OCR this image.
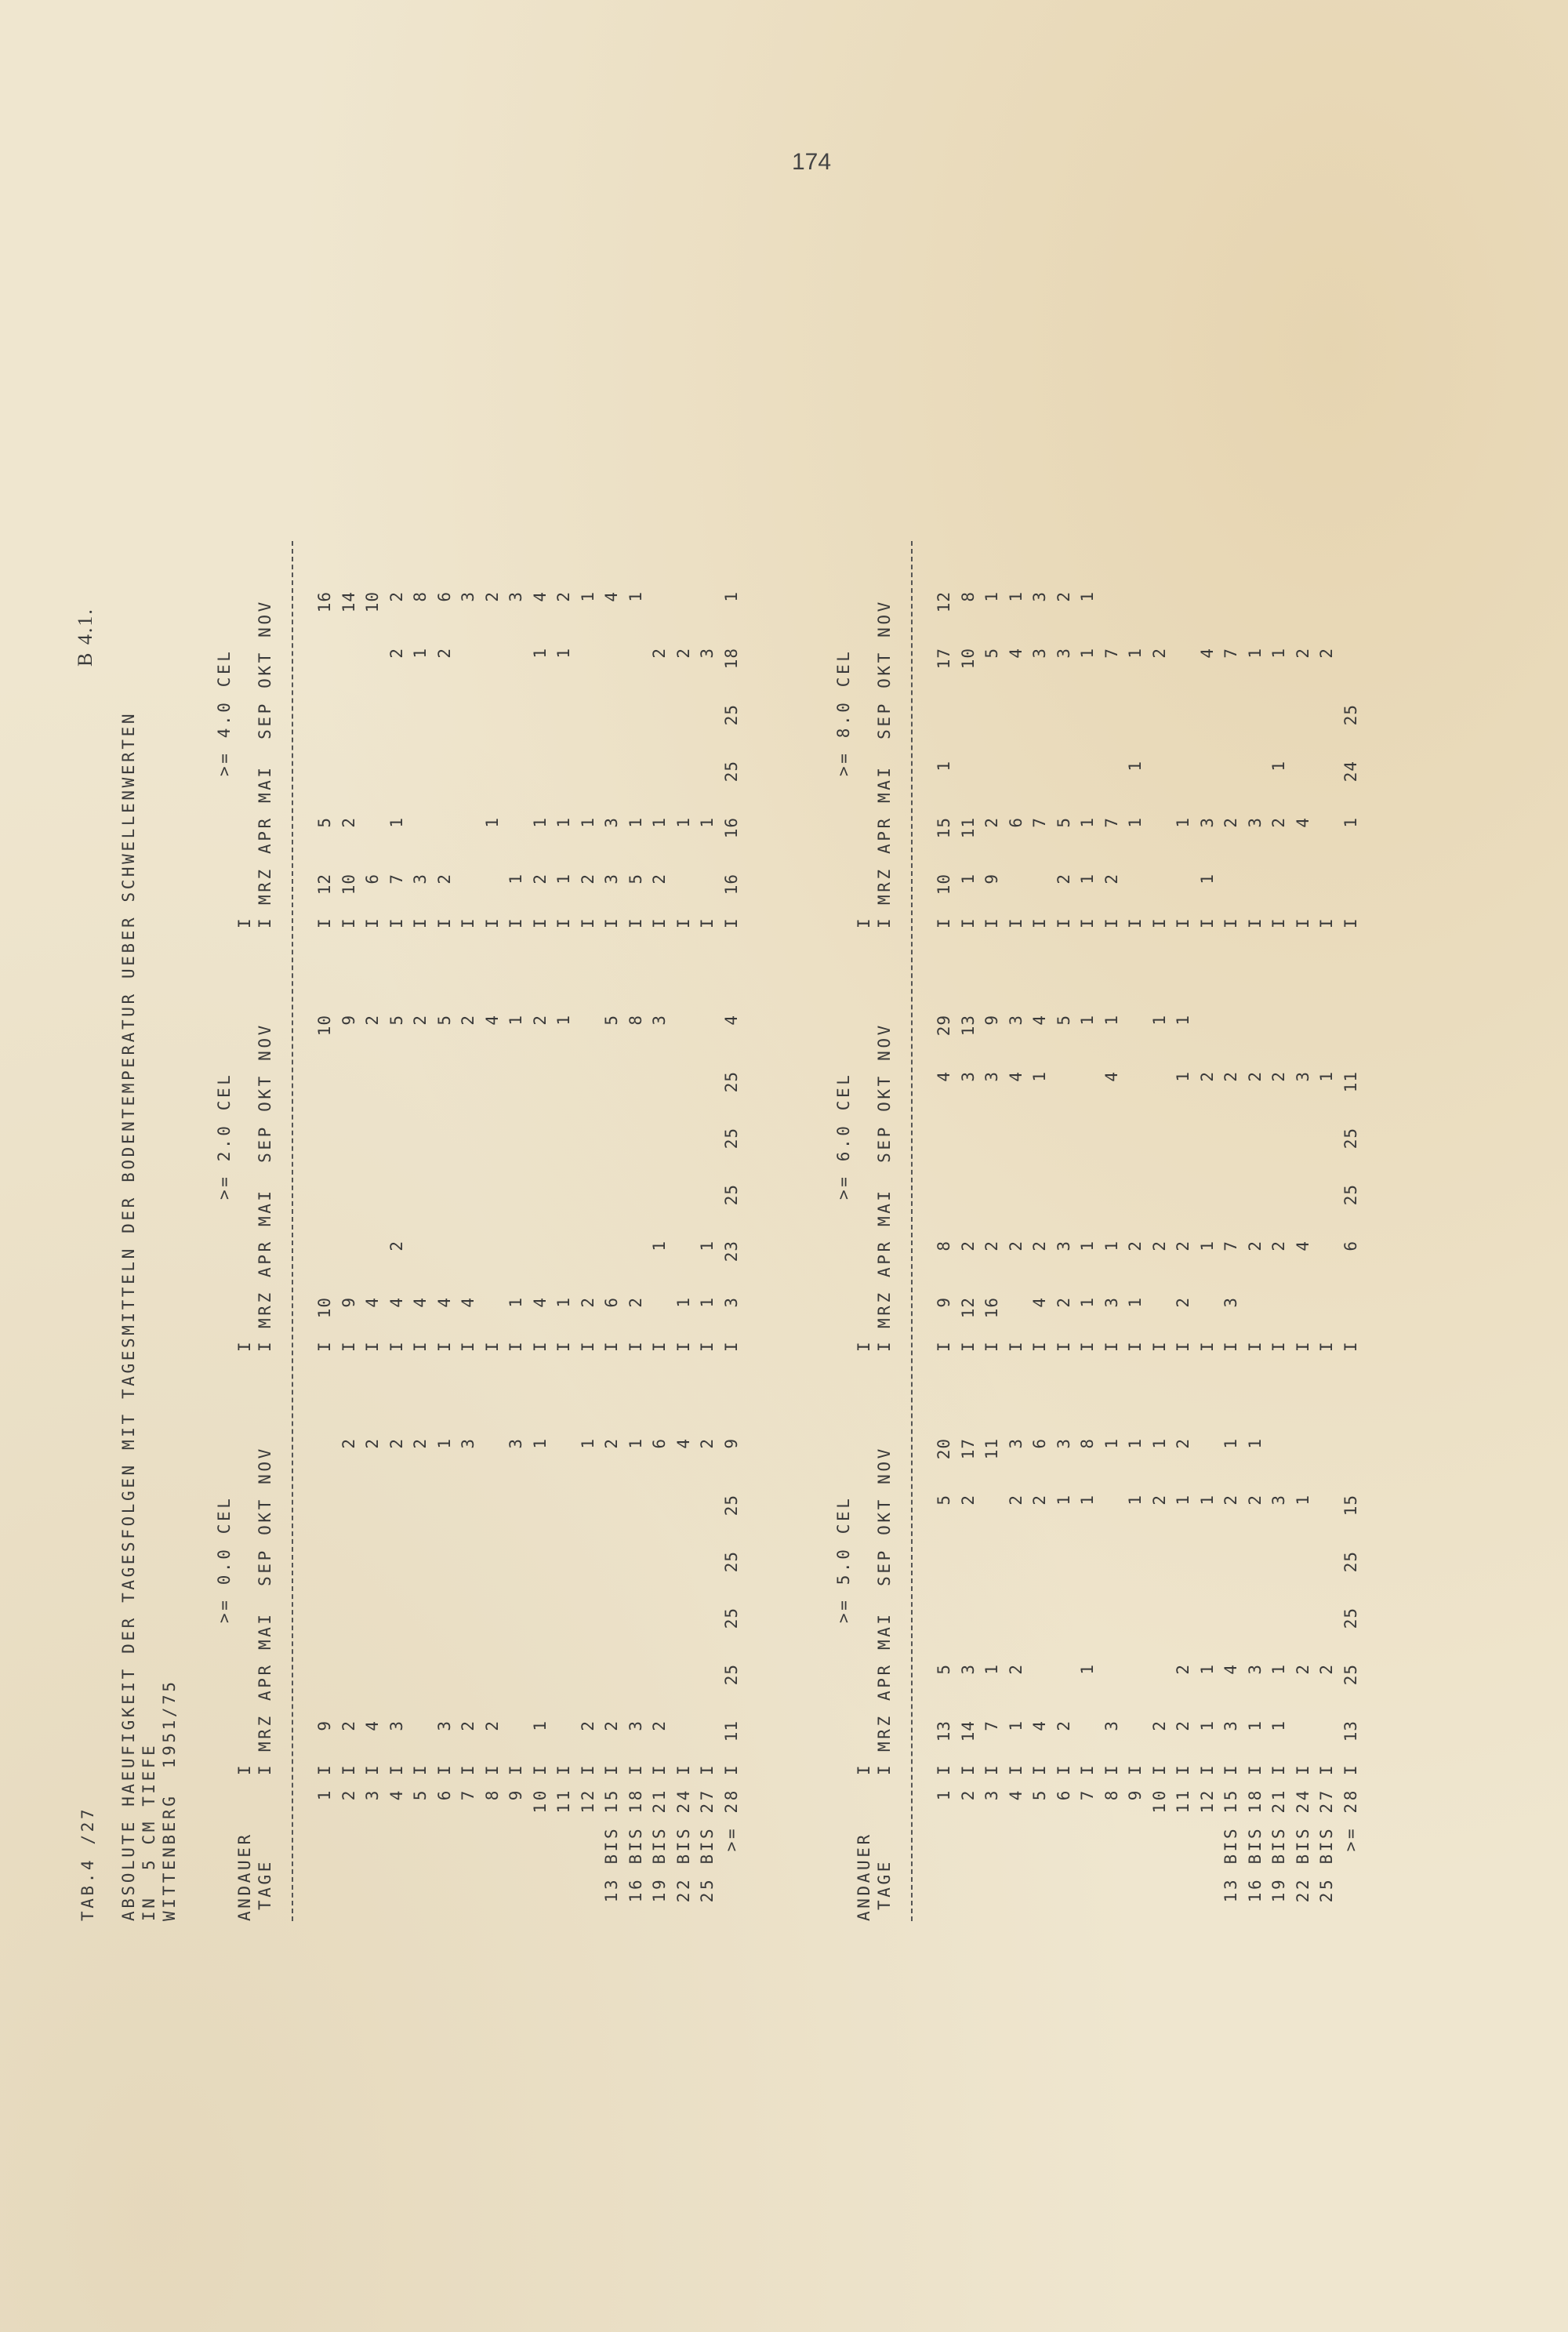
174
TAB.4 /27
B 4.1.
ABSOLUTE HAEUFIGKEIT DER TAGESFOLGEN MIT TAGESMITTELN DER BODENTEMPERATUR UEBER SCHWELLENWERTEN IN  5 CM TIEFE WITTENBERG  1951/75	ANDAUER TAGE
I I
>= 0.0 CEL MRZ APR MAI  SEP OKT NOV
I I
>= 2.0 CEL MRZ APR MAI  SEP OKT NOV
I I
>= 4.0 CEL MRZ APR MAI  SEP OKT NOV
1
I
9
I
10
10
I
12
5
16
2
I
2
2
I
9
9
I
10
2
14
3
I
4
2
I
4
2
I
6
10
4
I
3
2
I
4
2
5
I
7
1
2
2
5
I
2
I
4
2
I
3
1
8
6
I
3
1
I
4
5
I
2
2
6
7
I
2
3
I
4
2
I
3
8
I
2
I
4
I
1
2
9
I
3
I
1
1
I
1
3
10
I
1
1
I
4
2
I
2
1
1
4
11
I
I
1
1
I
1
1
1
2
12
I
2
1
I
2
I
2
1
1
13 BIS 15
I
2
2
I
6
5
I
3
3
4
16 BIS 18
I
3
1
I
2
8
I
5
1
1
19 BIS 21
I
2
6
I
1
3
I
2
1
2
22 BIS 24
I
4
I
1
I
1
2
25 BIS 27
I
2
I
1
1
I
1
3
>= 28
I
11
25
25
25
25
9
I
3
23
25
25
25
4
I
16
16
25
25
18
1
ANDAUER TAGE
I I
>= 5.0 CEL MRZ APR MAI  SEP OKT NOV
I I
>= 6.0 CEL MRZ APR MAI  SEP OKT NOV
I I
>= 8.0 CEL MRZ APR MAI  SEP OKT NOV
1
I
13
5
5
20
I
9
8
4
29
I
10
15
1
17
12
2
I
14
3
2
17
I
12
2
3
13
I
1
11
10
8
3
I
7
1
11
I
16
2
3
9
I
9
2
5
1
4
I
1
2
2
3
I
2
4
3
I
6
4
1
5
I
4
2
6
I
4
2
1
4
I
7
3
3
6
I
2
1
3
I
2
3
5
I
2
5
3
2
7
I
1
1
8
I
1
1
1
I
1
1
1
1
8
I
3
1
I
3
1
4
1
I
2
7
7
9
I
1
1
I
1
2
I
1
1
1
10
I
2
2
1
I
2
1
I
2
11
I
2
2
1
2
I
2
2
1
1
I
1
12
I
1
1
1
I
1
2
I
1
3
4
13 BIS 15
I
3
4
2
1
I
3
7
2
I
2
7
16 BIS 18
I
1
3
2
1
I
2
2
I
3
1
19 BIS 21
I
1
1
3
I
2
2
I
2
1
1
22 BIS 24
I
2
1
I
4
3
I
4
2
25 BIS 27
I
2
I
1
I
2
>= 28
I
13
25
25
25
15
I
6
25
25
11
I
1
24
25
